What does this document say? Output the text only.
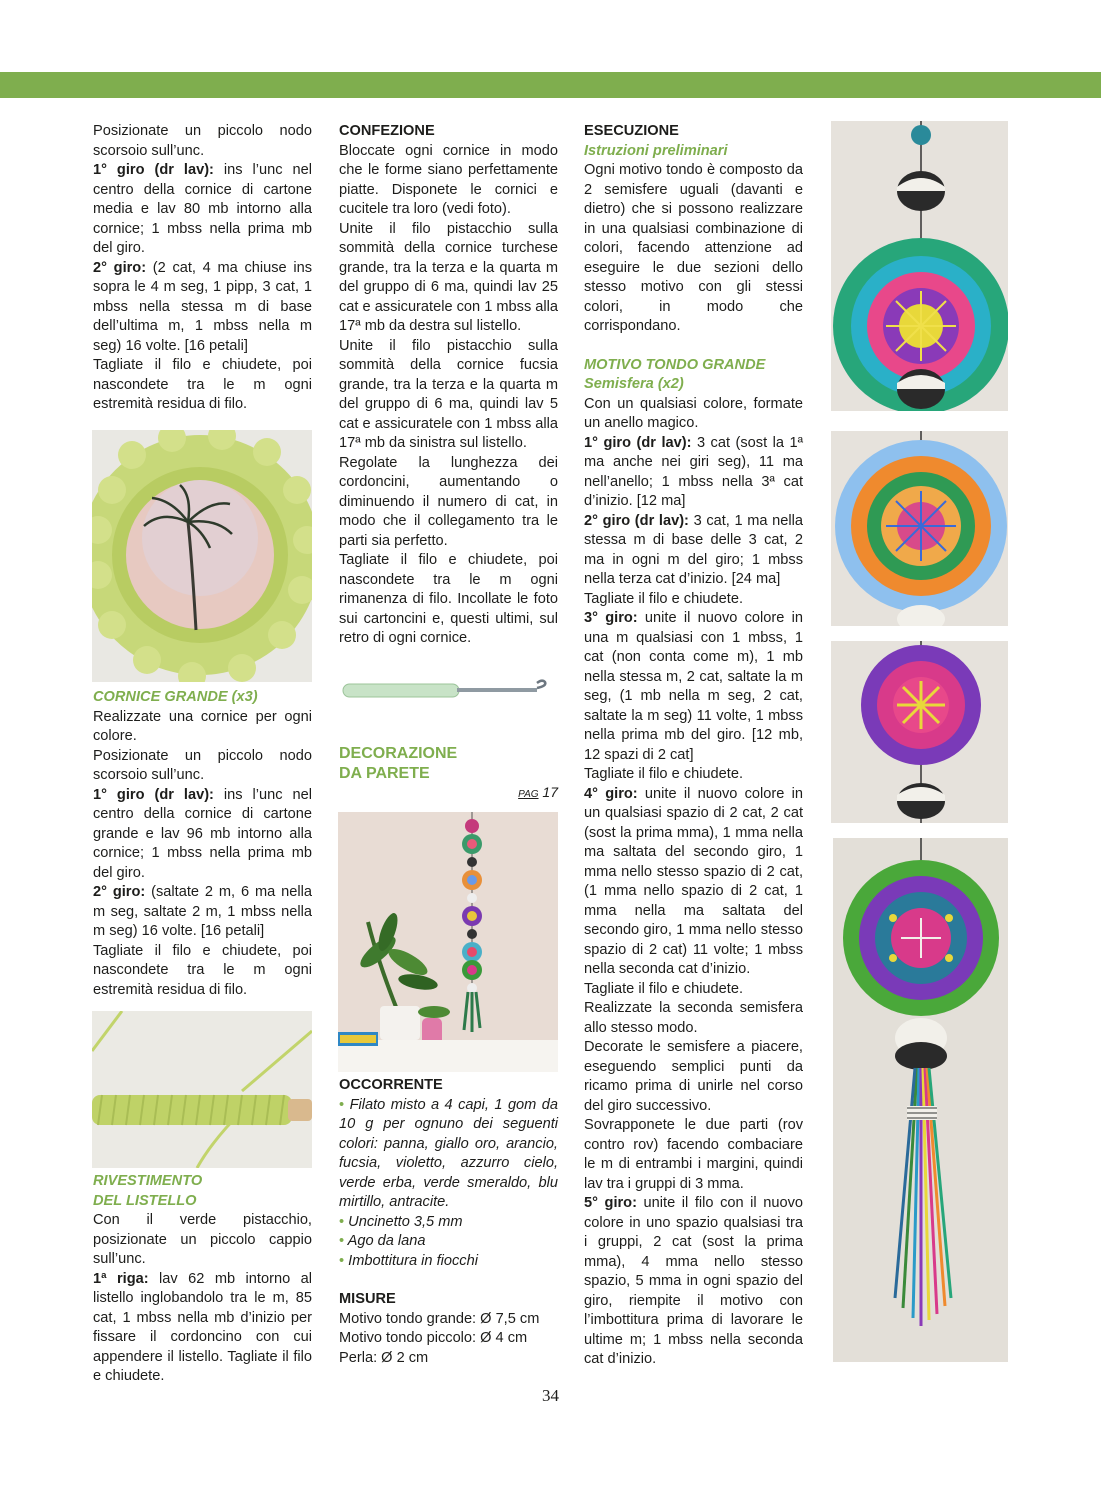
Posizionate un piccolo nodo scorsoio sull’unc.

1° giro (dr lav): ins l’unc nel centro della cornice di cartone media e lav 80 mb intorno alla cornice; 1 mbss nella prima mb del giro.

2° giro: (2 cat, 4 ma chiuse ins sopra le 4 m seg, 1 pipp, 3 cat, 1 mbss nella stessa m di base dell’ultima m, 1 mbss nella m seg) 16 volte. [16 petali]

Tagliate il filo e chiudete, poi nascondete tra le m ogni estremità residua di filo.

CORNICE GRANDE (x3)

Realizzate una cornice per ogni colore.

Posizionate un piccolo nodo scorsoio sull’unc.

1° giro (dr lav): ins l’unc nel centro della cornice di cartone grande e lav 96 mb intorno alla cornice; 1 mbss nella prima mb del giro.

2° giro: (saltate 2 m, 6 ma nella m seg, saltate 2 m, 1 mbss nella m seg) 16 volte. [16 petali]

Tagliate il filo e chiudete, poi nascondete tra le m ogni estremità residua di filo.

RIVESTIMENTO

DEL LISTELLO

Con il verde pistacchio, posizionate un piccolo cappio sull’unc.

1ª riga: lav 62 mb intorno al listello inglobandolo tra le m, 85 cat, 1 mbss nella mb d’inizio per fissare il cordoncino con cui appendere il listello. Tagliate il filo e chiudete.

CONFEZIONE

Bloccate ogni cornice in modo che le forme siano perfettamente piatte. Disponete le cornici e cucitele tra loro (vedi foto).

Unite il filo pistacchio sulla sommità della cornice turchese grande, tra la terza e la quarta m del gruppo di 6 ma, quindi lav 25 cat e assicuratele con 1 mbss alla 17ª mb da destra sul listello.

Unite il filo pistacchio sulla sommità della cornice fucsia grande, tra la terza e la quarta m del gruppo di 6 ma, quindi lav 5 cat e assicuratele con 1 mbss alla 17ª mb da sinistra sul listello.

Regolate la lunghezza dei cordoncini, aumentando o diminuendo il numero di cat, in modo che il collegamento tra le parti sia perfetto.

Tagliate il filo e chiudete, poi nascondete tra le m ogni rimanenza di filo. Incollate le foto sui cartoncini e, questi ultimi, sul retro di ogni cornice.

DECORAZIONE

DA PARETE

PAG 17

OCCORRENTE

• Filato misto a 4 capi, 1 gom da 10 g per ognuno dei seguenti colori: panna, giallo oro, arancio, fucsia, violetto, azzurro cielo, verde erba, verde smeraldo, blu mirtillo, antracite.

• Uncinetto 3,5 mm

• Ago da lana

• Imbottitura in fiocchi

MISURE

Motivo tondo grande: Ø 7,5 cm

Motivo tondo piccolo: Ø 4 cm

Perla: Ø 2 cm

ESECUZIONE

Istruzioni preliminari

Ogni motivo tondo è composto da 2 semisfere uguali (davanti e dietro) che si possono realizzare in una qualsiasi combinazione di colori, facendo attenzione ad eseguire le due sezioni dello stesso motivo con gli stessi colori, in modo che corrispondano.

MOTIVO TONDO GRANDE

Semisfera (x2)

Con un qualsiasi colore, formate un anello magico.

1° giro (dr lav): 3 cat (sost la 1ª ma anche nei giri seg), 11 ma nell’anello; 1 mbss nella 3ª cat d’inizio. [12 ma]

2° giro (dr lav): 3 cat, 1 ma nella stessa m di base delle 3 cat, 2 ma in ogni m del giro; 1 mbss nella terza cat d’inizio. [24 ma]

Tagliate il filo e chiudete.

3° giro: unite il nuovo colore in una m qualsiasi con 1 mbss, 1 cat (non conta come m), 1 mb nella stessa m, 2 cat, saltate la m seg, (1 mb nella m seg, 2 cat, saltate la m seg) 11 volte, 1 mbss nella prima mb del giro. [12 mb, 12 spazi di 2 cat]

Tagliate il filo e chiudete.

4° giro: unite il nuovo colore in un qualsiasi spazio di 2 cat, 2 cat (sost la prima mma), 1 mma nella ma saltata del secondo giro, 1 mma nello stesso spazio di 2 cat, (1 mma nello spazio di 2 cat, 1 mma nella ma saltata del secondo giro, 1 mma nello stesso spazio di 2 cat) 11 volte; 1 mbss nella seconda cat d’inizio.

Tagliate il filo e chiudete.

Realizzate la seconda semisfera allo stesso modo.

Decorate le semisfere a piacere, eseguendo semplici punti da ricamo prima di unirle nel corso del giro successivo.

Sovrapponete le due parti (rov contro rov) facendo combaciare le m di entrambi i margini, quindi lav tra i gruppi di 3 mma.

5° giro: unite il filo con il nuovo colore in uno spazio qualsiasi tra i gruppi, 2 cat (sost la prima mma), 4 mma nello stesso spazio, 5 mma in ogni spazio del giro, riempite il motivo con l’imbottitura prima di lavorare le ultime m; 1 mbss nella seconda cat d’inizio.

34
